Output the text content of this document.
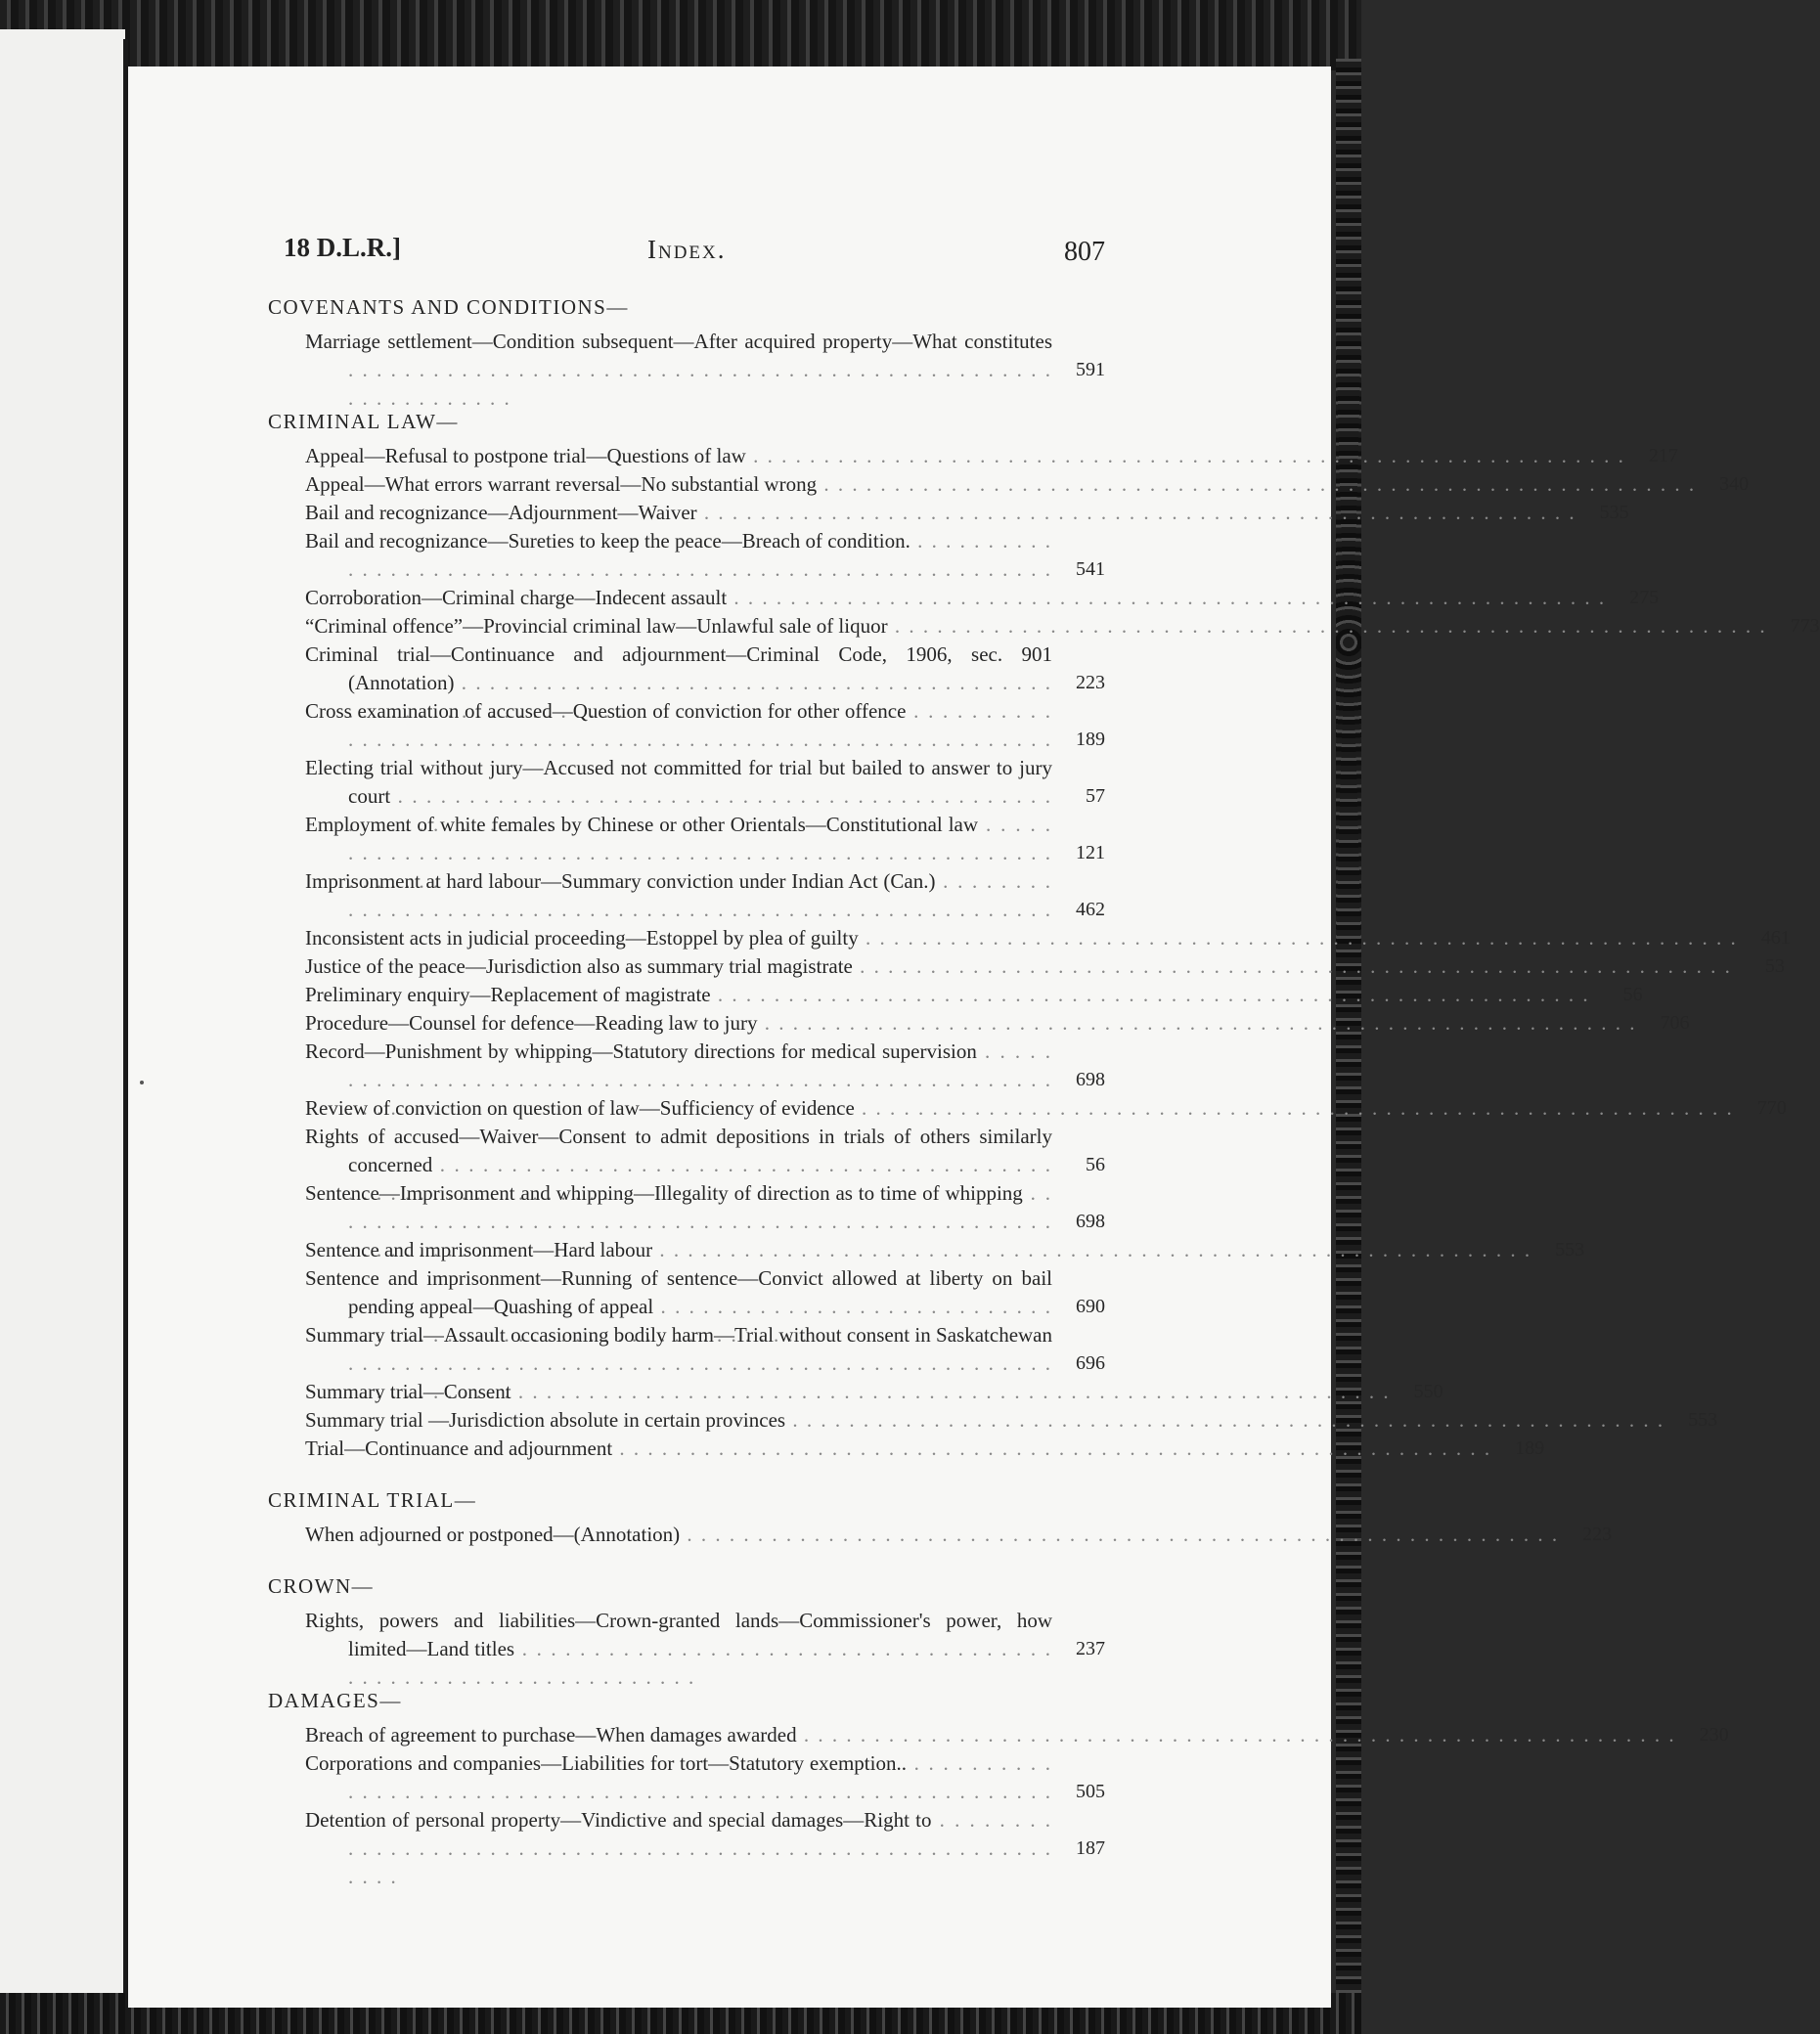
18 D.L.R.]	Index.	807
COVENANTS AND CONDITIONS—
Marriage settlement—Condition subsequent—After acquired property—What constitutes . . .
591
CRIMINAL LAW—
Appeal—Refusal to postpone trial—Questions of law . . .	217
Appeal—What errors warrant reversal—No substantial wrong . . .	340
Bail and recognizance—Adjournment—Waiver . . .	535
Bail and recognizance—Sureties to keep the peace—Breach of condition. . . .
541
Corroboration—Criminal charge—Indecent assault . . .	275
“Criminal offence”—Provincial criminal law—Unlawful sale of liquor . . .	773
Criminal trial—Continuance and adjournment—Criminal Code, 1906, sec. 901 (Annotation) . . .	223
Cross examination of accused—Question of conviction for other offence . . .
189
Electing trial without jury—Accused not committed for trial but bailed to answer to jury court . . .	57
Employment of white females by Chinese or other Orientals—Constitutional law . . .
121
Imprisonment at hard labour—Summary conviction under Indian Act (Can.) . . .
462
Inconsistent acts in judicial proceeding—Estoppel by plea of guilty . . .	461
Justice of the peace—Jurisdiction also as summary trial magistrate . . .	53
Preliminary enquiry—Replacement of magistrate . . .	56
Procedure—Counsel for defence—Reading law to jury . . .	706
Record—Punishment by whipping—Statutory directions for medical supervision . . .
698
Review of conviction on question of law—Sufficiency of evidence . . .	770
Rights of accused—Waiver—Consent to admit depositions in trials of others similarly concerned . . .	56
Sentence—Imprisonment and whipping—Illegality of direction as to time of whipping . . .
698
Sentence and imprisonment—Hard labour . . .	553
Sentence and imprisonment—Running of sentence—Convict allowed at liberty on bail pending appeal—Quashing of appeal . . .	690
Summary trial—Assault occasioning bodily harm—Trial without consent in Saskatchewan . . .
696
Summary trial—Consent . . .	550
Summary trial —Jurisdiction absolute in certain provinces . . .	553
Trial—Continuance and adjournment . . .	189
CRIMINAL TRIAL—
When adjourned or postponed—(Annotation) . . .	223
CROWN—
Rights, powers and liabilities—Crown-granted lands—Commissioner's power, how limited—Land titles . . .	237
DAMAGES—
Breach of agreement to purchase—When damages awarded . . .	230
Corporations and companies—Liabilities for tort—Statutory exemption.. . . .
505
Detention of personal property—Vindictive and special damages—Right to . . .
187
